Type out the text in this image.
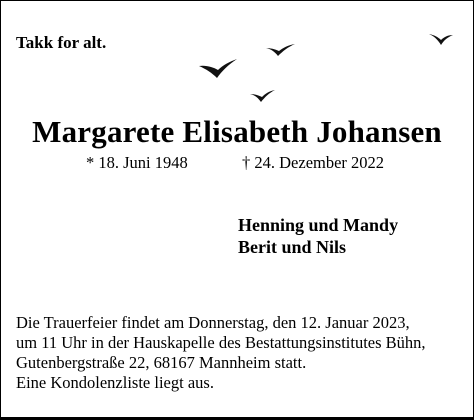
Takk for alt.
Margarete Elisabeth Johansen
* 18. Juni 1948	† 24. Dezember 2022
Henning und Mandy
Berit und Nils
Die Trauerfeier findet am Donnerstag, den 12. Januar 2023,
um 11 Uhr in der Hauskapelle des Bestattungsinstitutes Bühn,
Gutenbergstraße 22, 68167 Mannheim statt.
Eine Kondolenzliste liegt aus.
